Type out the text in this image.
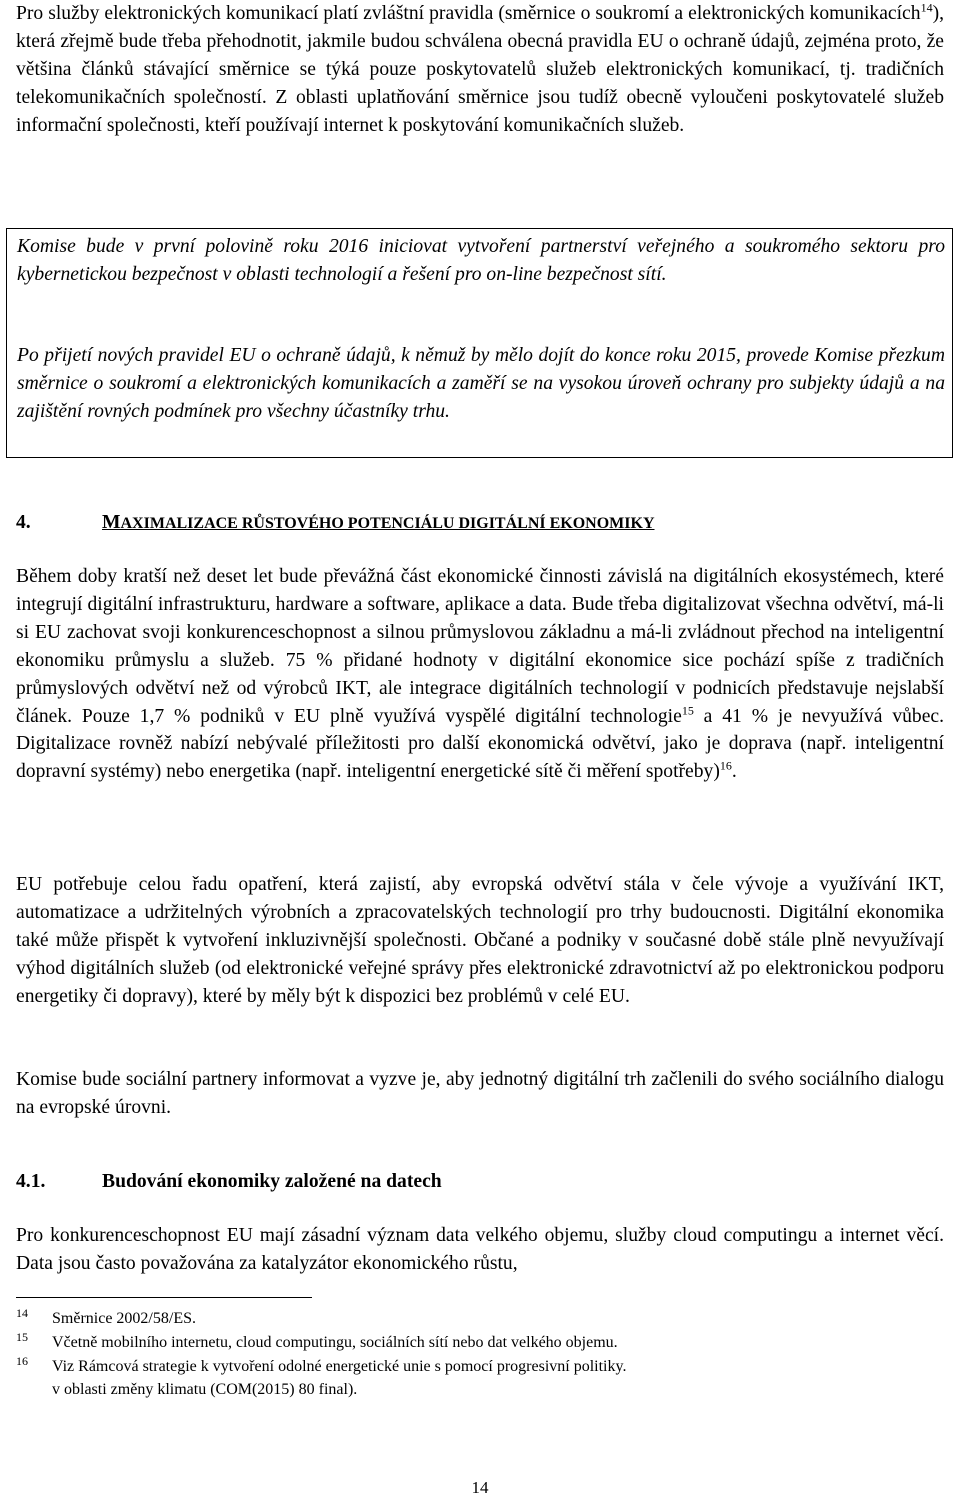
Pro služby elektronických komunikací platí zvláštní pravidla (směrnice o soukromí a elektronických komunikacích$^{14}$), která zřejmě bude třeba přehodnotit, jakmile budou schválena obecná pravidla EU o ochraně údajů, zejména proto, že většina článků stávající směrnice se týká pouze poskytovatelů služeb elektronických komunikací, tj. tradičních telekomunikačních společností. Z oblasti uplatňování směrnice jsou tudíž obecně vyloučeni poskytovatelé služeb informační společnosti, kteří používají internet k poskytování komunikačních služeb.

Komise bude v první polovině roku 2016 iniciovat vytvoření partnerství veřejného a soukromého sektoru pro kybernetickou bezpečnost v oblasti technologií a řešení pro on-line bezpečnost sítí.

Po přijetí nových pravidel EU o ochraně údajů, k němuž by mělo dojít do konce roku 2015, provede Komise přezkum směrnice o soukromí a elektronických komunikacích a zaměří se na vysokou úroveň ochrany pro subjekty údajů a na zajištění rovných podmínek pro všechny účastníky trhu.

4.	MAXIMALIZACE RŮSTOVÉHO POTENCIÁLU DIGITÁLNÍ EKONOMIKY

Během doby kratší než deset let bude převážná část ekonomické činnosti závislá na digitálních ekosystémech, které integrují digitální infrastrukturu, hardware a software, aplikace a data. Bude třeba digitalizovat všechna odvětví, má-li si EU zachovat svoji konkurenceschopnost a silnou průmyslovou základnu a má-li zvládnout přechod na inteligentní ekonomiku průmyslu a služeb. 75 % přidané hodnoty v digitální ekonomice sice pochází spíše z tradičních průmyslových odvětví než od výrobců IKT, ale integrace digitálních technologií v podnicích představuje nejslabší článek. Pouze 1,7 % podniků v EU plně využívá vyspělé digitální technologie$^{15}$ a 41 % je nevyužívá vůbec. Digitalizace rovněž nabízí nebývalé příležitosti pro další ekonomická odvětví, jako je doprava (např. inteligentní dopravní systémy) nebo energetika (např. inteligentní energetické sítě či měření spotřeby)$^{16}$.

EU potřebuje celou řadu opatření, která zajistí, aby evropská odvětví stála v čele vývoje a využívání IKT, automatizace a udržitelných výrobních a zpracovatelských technologií pro trhy budoucnosti. Digitální ekonomika také může přispět k vytvoření inkluzivnější společnosti. Občané a podniky v současné době stále plně nevyužívají výhod digitálních služeb (od elektronické veřejné správy přes elektronické zdravotnictví až po elektronickou podporu energetiky či dopravy), které by měly být k dispozici bez problémů v celé EU.

Komise bude sociální partnery informovat a vyzve je, aby jednotný digitální trh začlenili do svého sociálního dialogu na evropské úrovni.

4.1.	Budování ekonomiky založené na datech

Pro konkurenceschopnost EU mají zásadní význam data velkého objemu, služby cloud computingu a internet věcí. Data jsou často považována za katalyzátor ekonomického růstu,

14 Směrnice 2002/58/ES.

15 Včetně mobilního internetu, cloud computingu, sociálních sítí nebo dat velkého objemu.

16 Viz Rámcová strategie k vytvoření odolné energetické unie s pomocí progresivní politiky.

v oblasti změny klimatu (COM(2015) 80 final).
14
